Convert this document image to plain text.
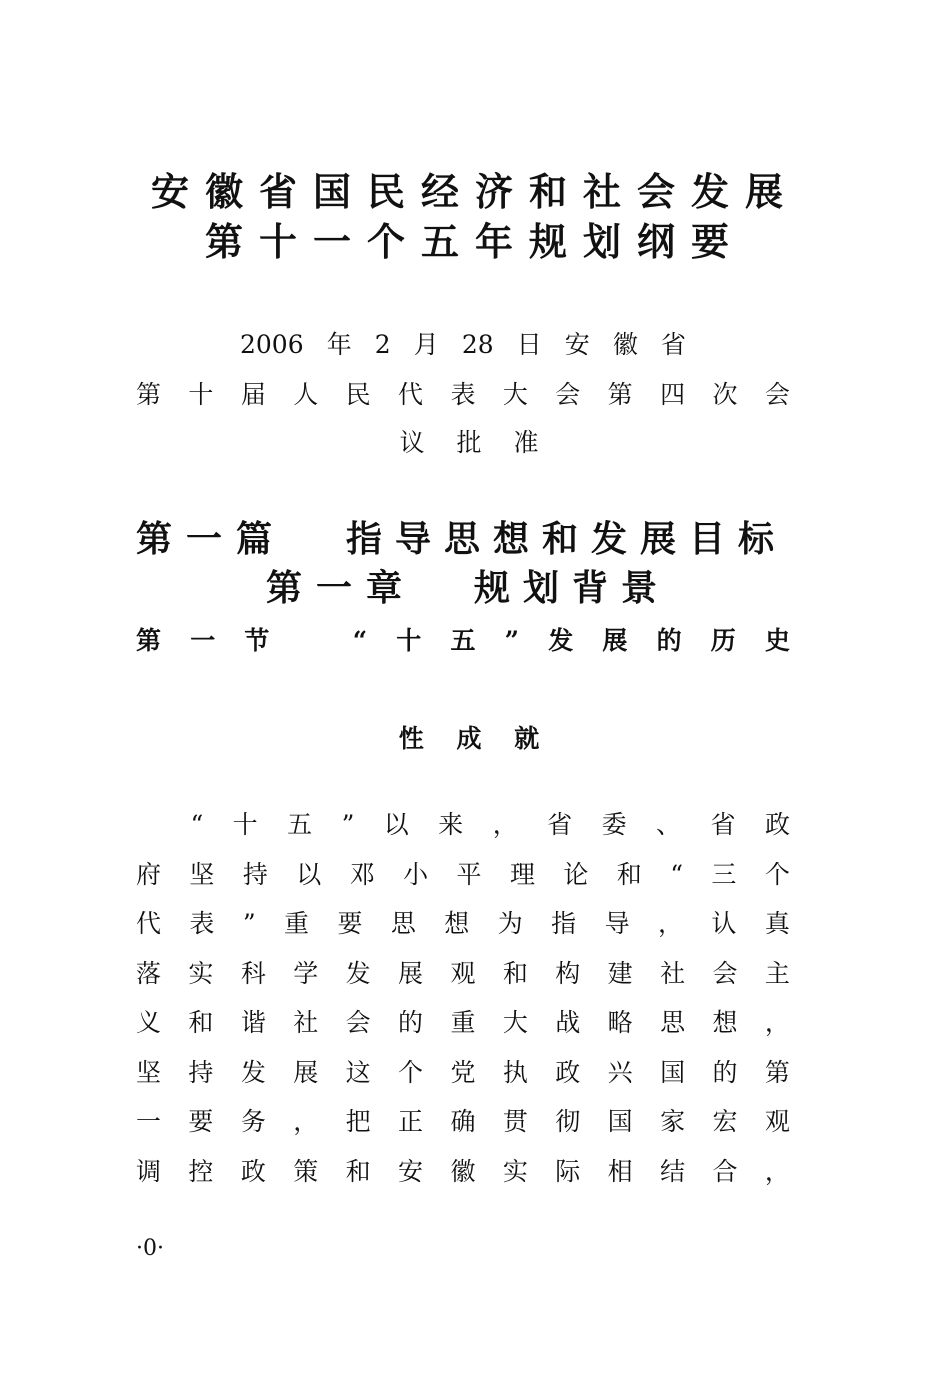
安徽省国民经济和社会发展
第十一个五年规划纲要
2006 年 2 月 28 日 安 徽 省
第 十 届 人 民 代 表 大 会 第 四 次 会
议 批 准
第一篇 指导思想和发展目标
第一章 规划背景
第 一 节	“ 十 五 ” 发 展 的 历 史
性 成 就
“ 十 五 ” 以 来 ， 省 委 、 省 政
府 坚 持 以 邓 小 平 理 论 和 “ 三 个
代 表 ” 重 要 思 想 为 指 导 ， 认 真
落 实 科 学 发 展 观 和 构 建 社 会 主
义 和 谐 社 会 的 重 大 战 略 思 想 ，
坚 持 发 展 这 个 党 执 政 兴 国 的 第
一 要 务 ， 把 正 确 贯 彻 国 家 宏 观
调 控 政 策 和 安 徽 实 际 相 结 合 ，
·0·
